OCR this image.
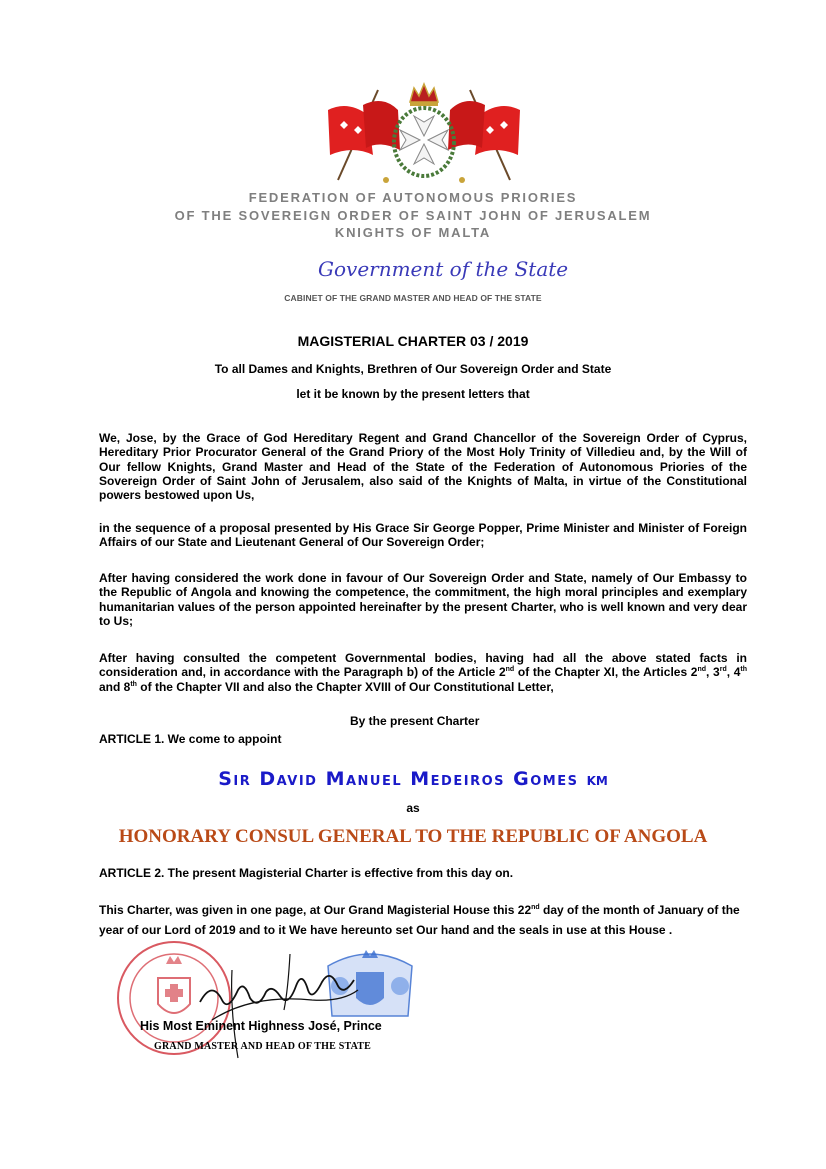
FEDERATION OF AUTONOMOUS PRIORIES
OF THE SOVEREIGN ORDER OF SAINT JOHN OF JERUSALEM
KNIGHTS OF MALTA
Government of the State
CABINET OF THE GRAND MASTER AND HEAD OF THE STATE
MAGISTERIAL CHARTER 03 / 2019
To all Dames and Knights, Brethren of Our Sovereign Order and State
let it be known by the present letters that
We, Jose, by the Grace of God Hereditary Regent and Grand Chancellor of the Sovereign Order of Cyprus, Hereditary Prior Procurator General of the Grand Priory of the Most Holy Trinity of Villedieu and, by the Will of Our fellow Knights, Grand Master and Head of the State of the Federation of Autonomous Priories of the Sovereign Order of Saint John of Jerusalem, also said of the Knights of Malta, in virtue of the Constitutional powers bestowed upon Us,
in the sequence of a proposal presented by His Grace Sir George Popper, Prime Minister and Minister of Foreign Affairs of our State and Lieutenant General of Our Sovereign Order;
After having considered the work done in favour of Our Sovereign Order and State, namely of Our Embassy to the Republic of Angola and knowing the competence, the commitment, the high moral principles and exemplary humanitarian values of the person appointed hereinafter by the present Charter, who is well known and very dear to Us;
After having consulted the competent Governmental bodies, having had all the above stated facts in consideration and, in accordance with the Paragraph b) of the Article 2nd of the Chapter XI, the Articles 2nd, 3rd, 4th and 8th of the Chapter VII and also the Chapter XVIII of Our Constitutional Letter,
By the present Charter
ARTICLE 1. We come to appoint
Sir David Manuel Medeiros Gomes KM
as
HONORARY CONSUL GENERAL TO THE REPUBLIC OF ANGOLA
ARTICLE 2. The present Magisterial Charter is effective from this day on.
This Charter, was given in one page, at Our Grand Magisterial House this 22nd day of the month of January of the year of our Lord of 2019 and to it We have hereunto set Our hand and the seals in use at this House .
His Most Eminent Highness José, Prince
GRAND MASTER AND HEAD OF THE STATE
